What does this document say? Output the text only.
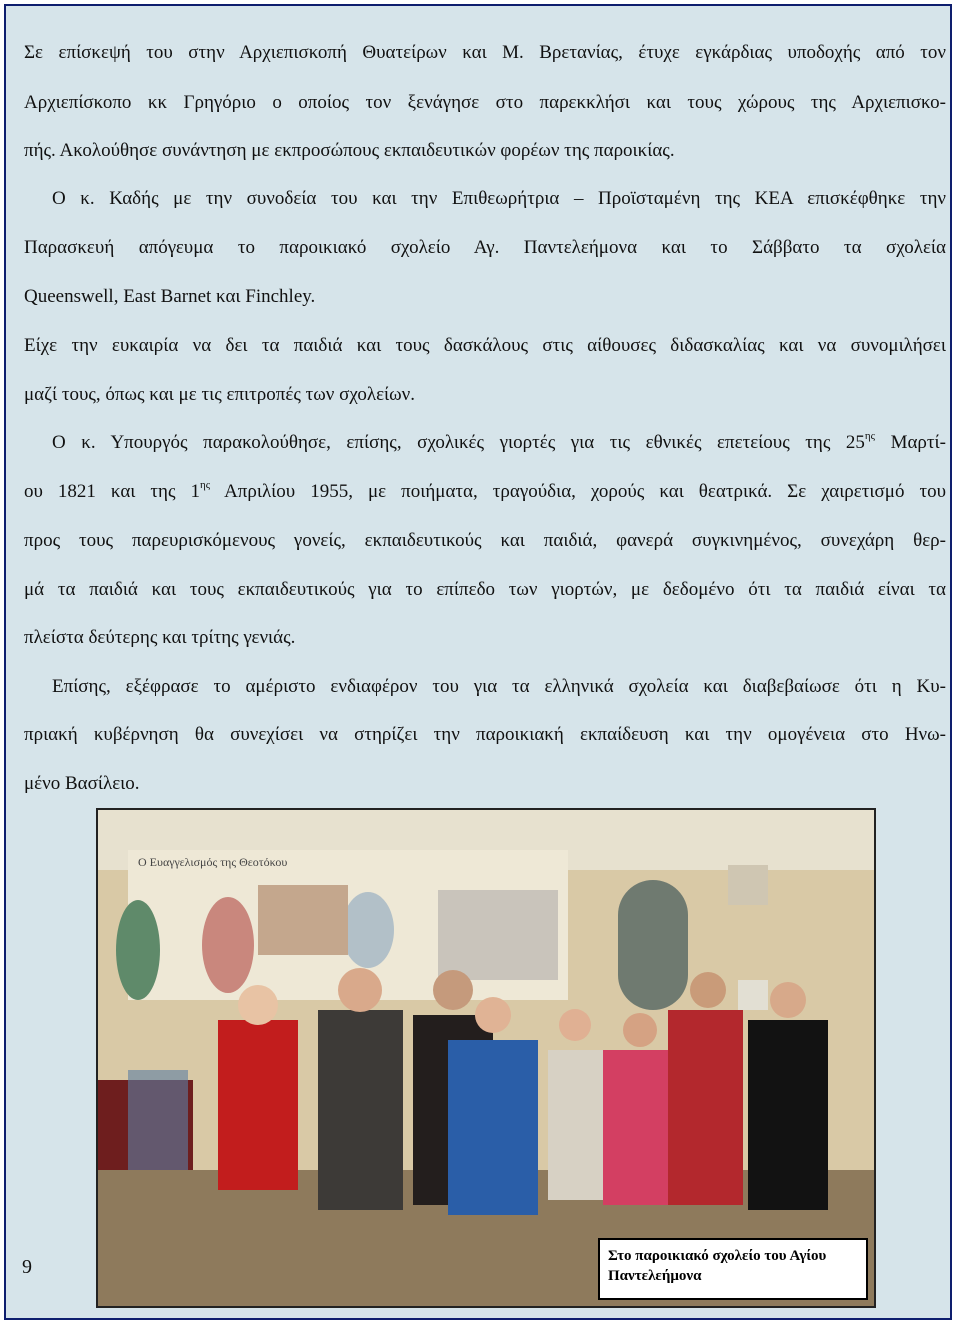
Σε επίσκεψή του στην Αρχιεπισκοπή Θυατείρων και Μ. Βρετανίας, έτυχε εγκάρδιας υποδοχής από τον
Αρχιεπίσκοπο κκ Γρηγόριο ο οποίος τον ξενάγησε στο παρεκκλήσι και τους χώρους της Αρχιεπισκο-
πής. Ακολούθησε συνάντηση με εκπροσώπους εκπαιδευτικών φορέων της παροικίας.
Ο κ. Καδής με την συνοδεία του και την Επιθεωρήτρια – Προϊσταμένη της ΚΕΑ επισκέφθηκε την
Παρασκευή απόγευμα το παροικιακό σχολείο Αγ. Παντελεήμονα και το Σάββατο τα σχολεία
Queenswell, East Barnet και Finchley.
Είχε την ευκαιρία να δει τα παιδιά και τους δασκάλους στις αίθουσες διδασκαλίας και να συνομιλήσει
μαζί τους, όπως και με τις επιτροπές των σχολείων.
Ο κ. Υπουργός παρακολούθησε, επίσης, σχολικές γιορτές για τις εθνικές επετείους της $25^{\eta\varsigma}$ Μαρτί-
ου 1821 και της $1^{\eta\varsigma}$ Απριλίου 1955, με ποιήματα, τραγούδια, χορούς και θεατρικά. Σε χαιρετισμό του
προς τους παρευρισκόμενους γονείς, εκπαιδευτικούς και παιδιά, φανερά συγκινημένος, συνεχάρη θερ-
μά τα παιδιά και τους εκπαιδευτικούς για το επίπεδο των γιορτών, με δεδομένο ότι τα παιδιά είναι τα
πλείστα δεύτερης και τρίτης γενιάς.
Επίσης, εξέφρασε το αμέριστο ενδιαφέρον του για τα ελληνικά σχολεία και διαβεβαίωσε ότι η Κυ-
πριακή κυβέρνηση θα συνεχίσει να στηρίζει την παροικιακή εκπαίδευση και την ομογένεια στο Ηνω-
μένο Βασίλειο.
Ο Ευαγγελισμός της Θεοτόκου
Στο παροικιακό σχολείο του Αγίου
Παντελεήμονα
9
